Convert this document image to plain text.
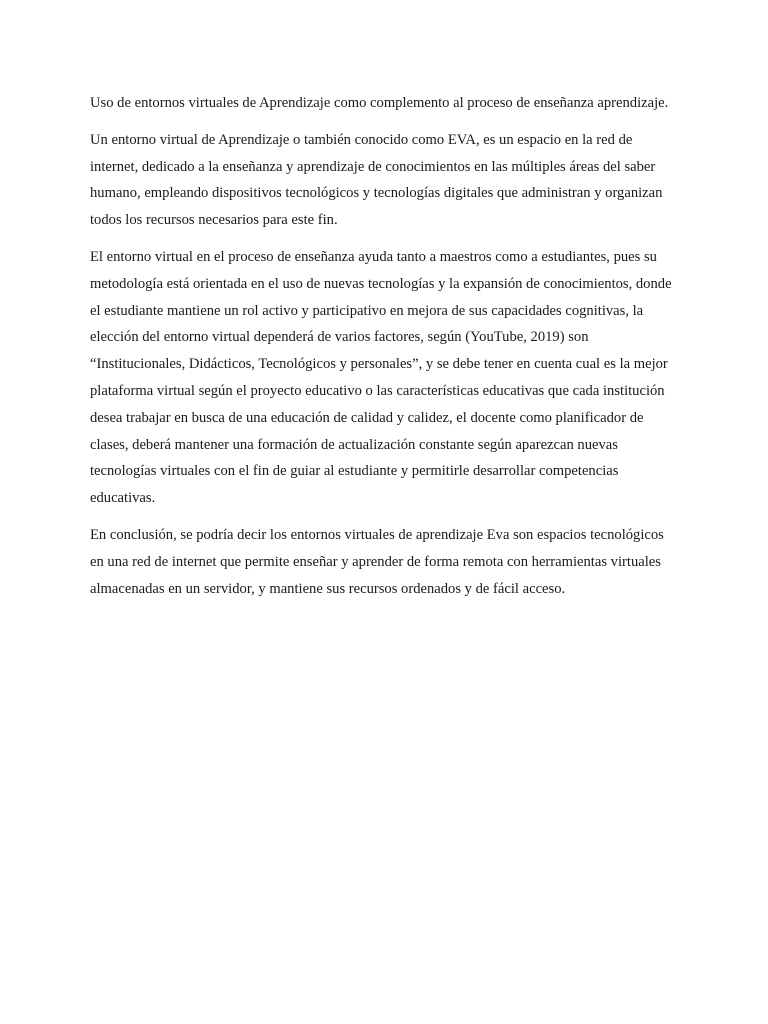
Uso de entornos virtuales de Aprendizaje como complemento al proceso de enseñanza aprendizaje.

Un entorno virtual de Aprendizaje o también conocido como EVA, es un espacio en la red de internet, dedicado a la enseñanza y aprendizaje de conocimientos en las múltiples áreas del saber humano, empleando dispositivos tecnológicos y tecnologías digitales que administran y organizan todos los recursos necesarios para este fin.

El entorno virtual en el proceso de enseñanza ayuda tanto a maestros como a estudiantes, pues su metodología está orientada en el uso de nuevas tecnologías y la expansión de conocimientos, donde el estudiante mantiene un rol activo y participativo en mejora de sus capacidades cognitivas, la elección del entorno virtual dependerá de varios factores, según (YouTube, 2019) son “Institucionales, Didácticos, Tecnológicos y personales”, y se debe tener en cuenta cual es la mejor plataforma virtual según el proyecto educativo o las características educativas que cada institución desea trabajar en busca de una educación de calidad y calidez, el docente como planificador de clases, deberá mantener una formación de actualización constante según aparezcan nuevas tecnologías virtuales con el fin de guiar al estudiante y permitirle desarrollar competencias educativas.

En conclusión, se podría decir los entornos virtuales de aprendizaje Eva son espacios tecnológicos en una red de internet que permite enseñar y aprender de forma remota con herramientas virtuales almacenadas en un servidor, y mantiene sus recursos ordenados y de fácil acceso.
